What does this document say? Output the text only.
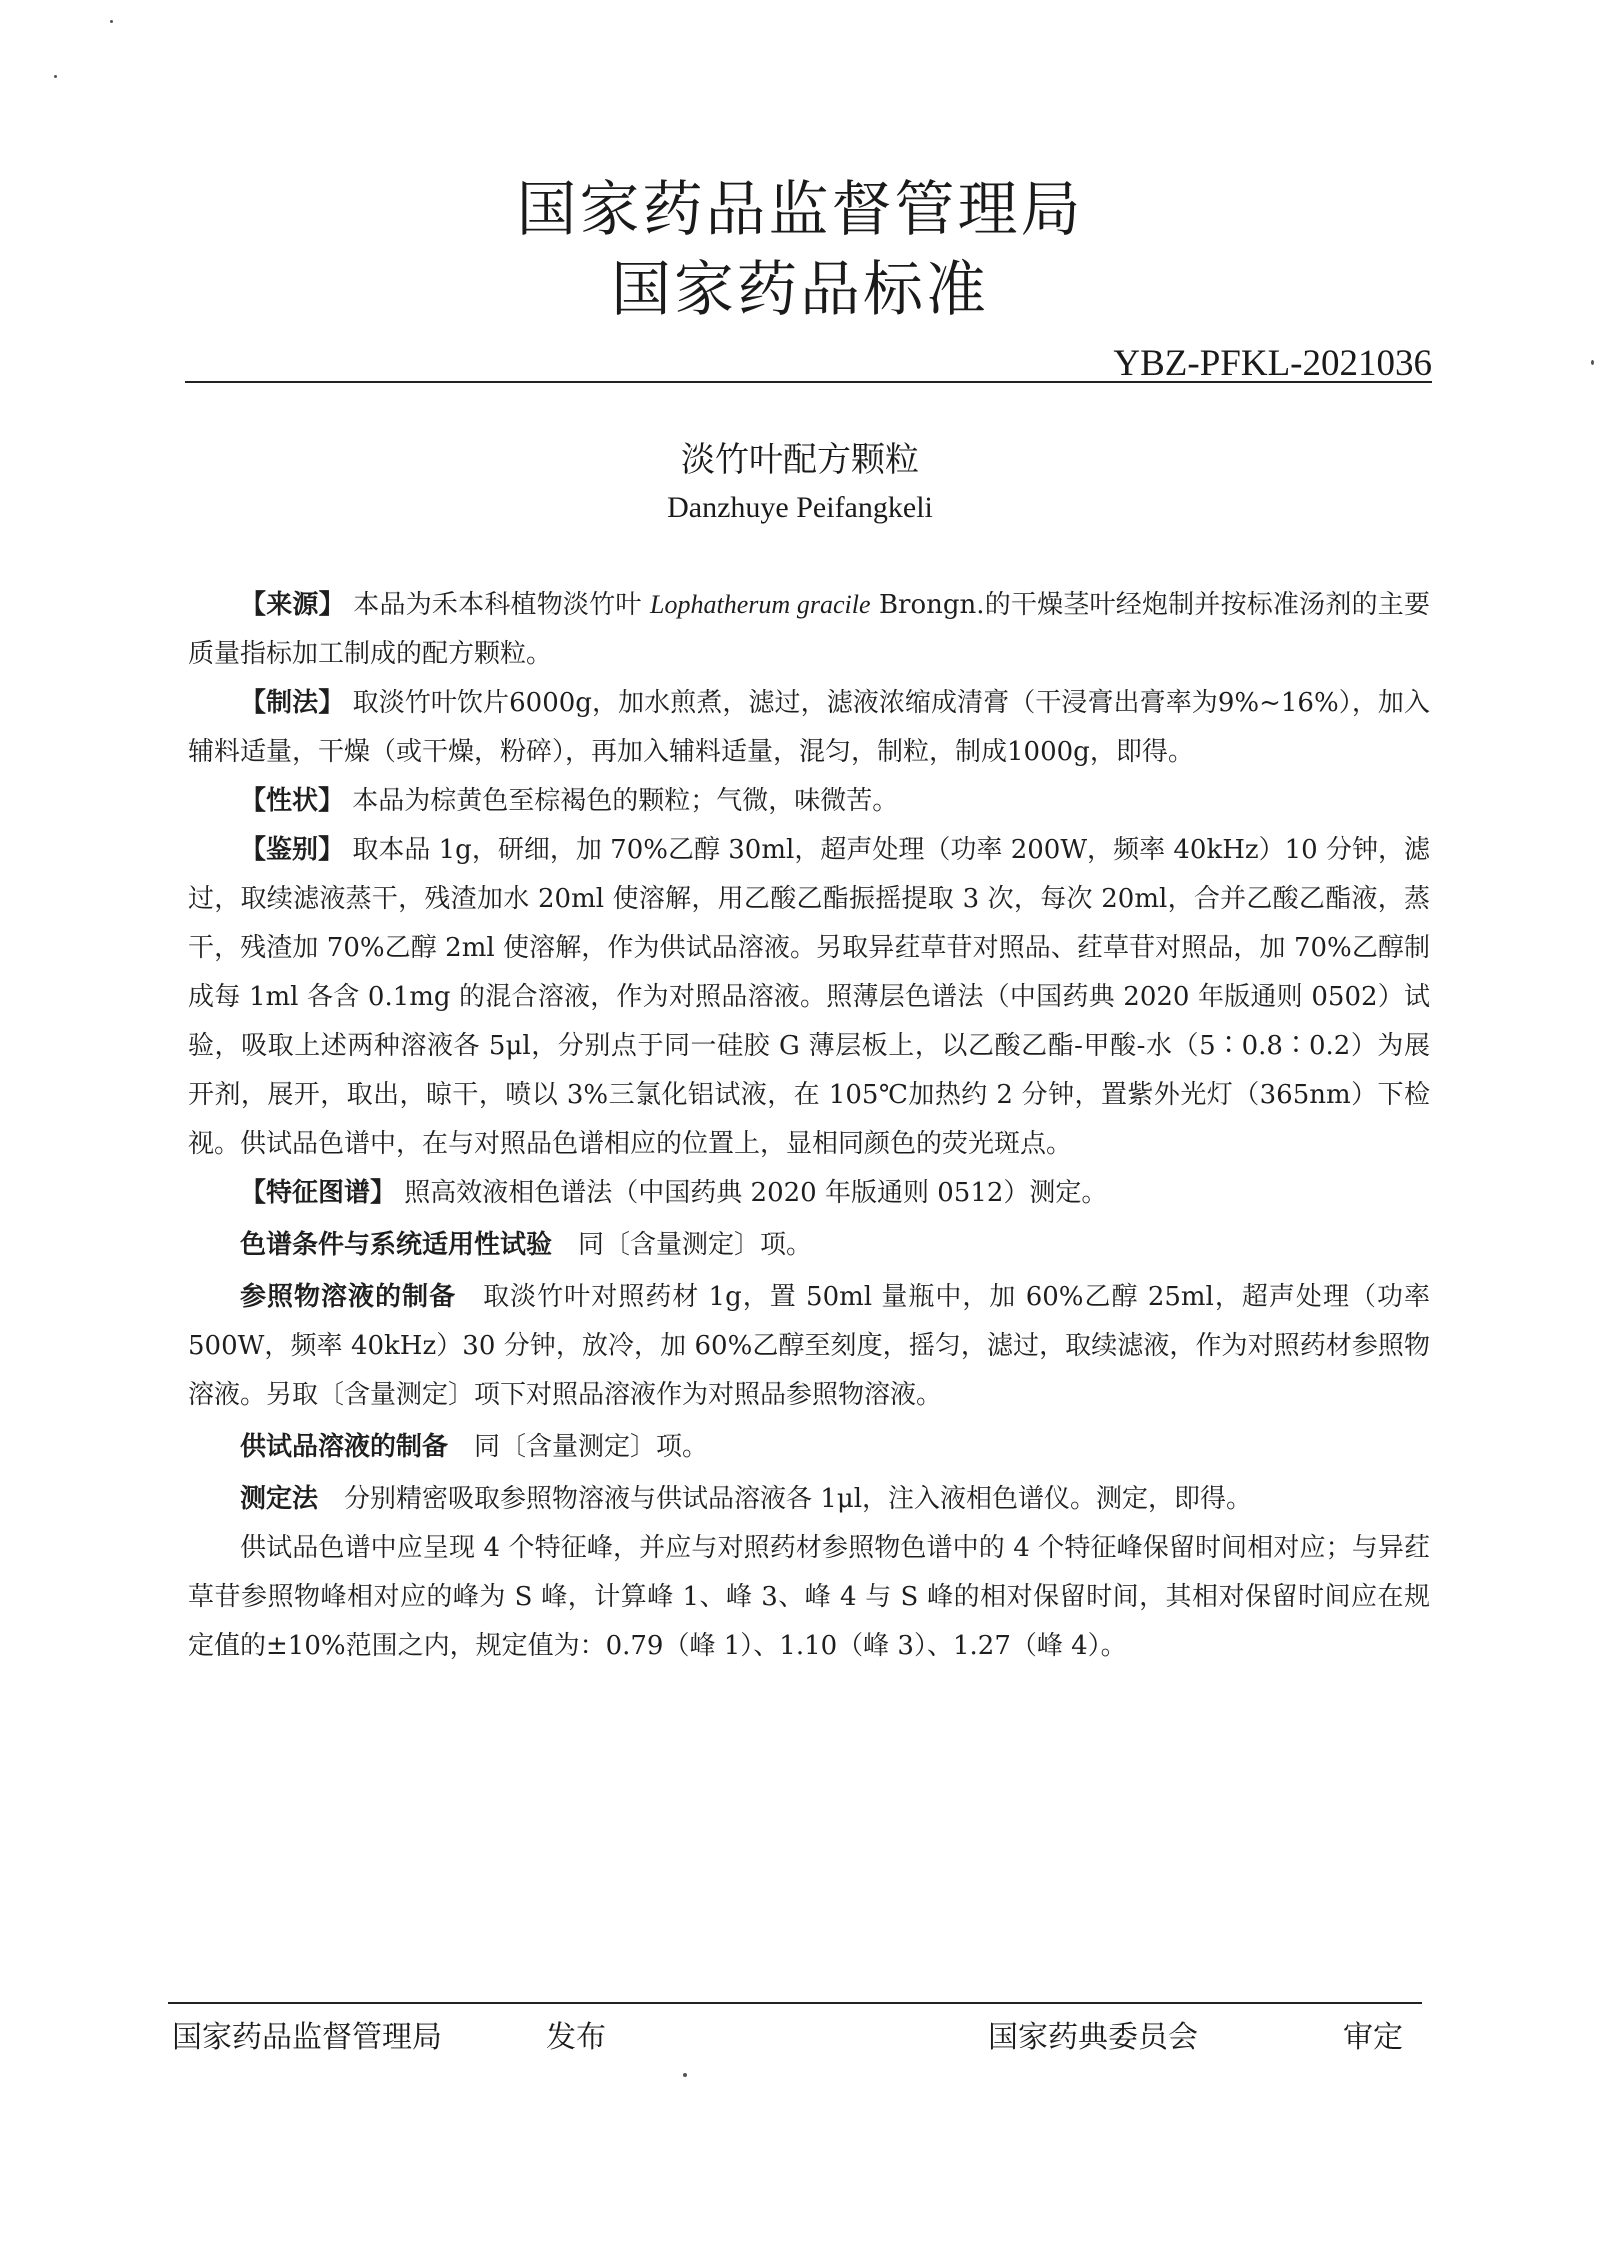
国家药品监督管理局
国家药品标准
YBZ-PFKL-2021036
淡竹叶配方颗粒
Danzhuye Peifangkeli

【来源】 本品为禾本科植物淡竹叶 Lophatherum gracile Brongn.的干燥茎叶经炮制并按标准汤剂的主要质量指标加工制成的配方颗粒。

【制法】 取淡竹叶饮片6000g，加水煎煮，滤过，滤液浓缩成清膏（干浸膏出膏率为9%~16%），加入辅料适量，干燥（或干燥，粉碎），再加入辅料适量，混匀，制粒，制成1000g，即得。

【性状】 本品为棕黄色至棕褐色的颗粒；气微，味微苦。

【鉴别】 取本品 1g，研细，加 70%乙醇 30ml，超声处理（功率 200W，频率 40kHz）10 分钟，滤过，取续滤液蒸干，残渣加水 20ml 使溶解，用乙酸乙酯振摇提取 3 次，每次 20ml，合并乙酸乙酯液，蒸干，残渣加 70%乙醇 2ml 使溶解，作为供试品溶液。另取异荭草苷对照品、荭草苷对照品，加 70%乙醇制成每 1ml 各含 0.1mg 的混合溶液，作为对照品溶液。照薄层色谱法（中国药典 2020 年版通则 0502）试验，吸取上述两种溶液各 5μl，分别点于同一硅胶 G 薄层板上，以乙酸乙酯-甲酸-水（5∶0.8∶0.2）为展开剂，展开，取出，晾干，喷以 3%三氯化铝试液，在 105℃加热约 2 分钟，置紫外光灯（365nm）下检视。供试品色谱中，在与对照品色谱相应的位置上，显相同颜色的荧光斑点。

【特征图谱】 照高效液相色谱法（中国药典 2020 年版通则 0512）测定。

色谱条件与系统适用性试验　 同〔含量测定〕项。

参照物溶液的制备　 取淡竹叶对照药材 1g，置 50ml 量瓶中，加 60%乙醇 25ml，超声处理（功率 500W，频率 40kHz）30 分钟，放冷，加 60%乙醇至刻度，摇匀，滤过，取续滤液，作为对照药材参照物溶液。另取〔含量测定〕项下对照品溶液作为对照品参照物溶液。

供试品溶液的制备　 同〔含量测定〕项。

测定法　 分别精密吸取参照物溶液与供试品溶液各 1μl，注入液相色谱仪。测定，即得。

供试品色谱中应呈现 4 个特征峰，并应与对照药材参照物色谱中的 4 个特征峰保留时间相对应；与异荭草苷参照物峰相对应的峰为 S 峰，计算峰 1、峰 3、峰 4 与 S 峰的相对保留时间，其相对保留时间应在规定值的±10%范围之内，规定值为：0.79（峰 1）、1.10（峰 3）、1.27（峰 4）。

国家药品监督管理局	发布	国家药典委员会	审定
